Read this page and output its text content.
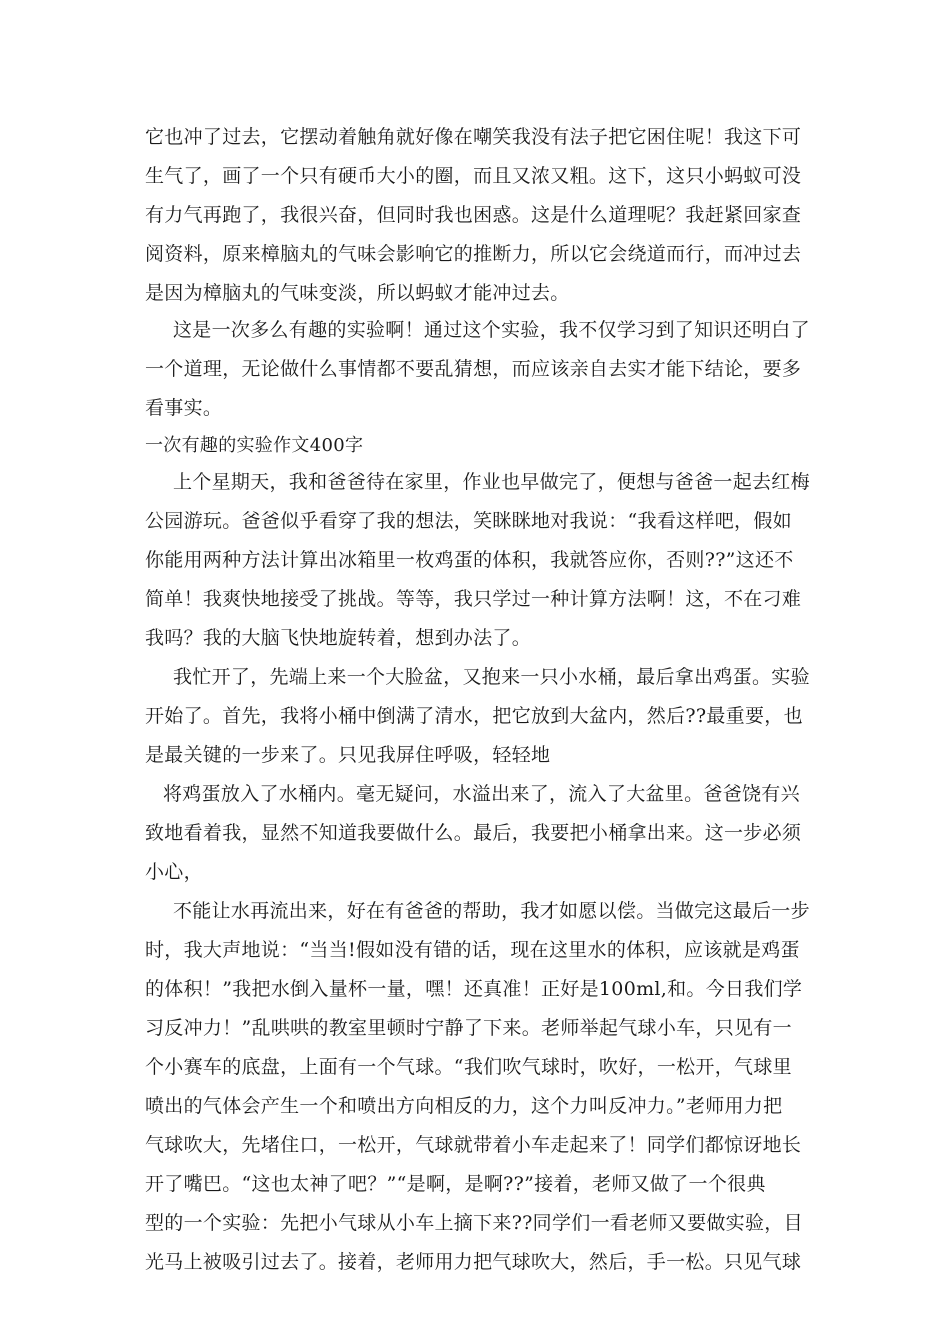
它也冲了过去，它摆动着触角就好像在嘲笑我没有法子把它困住呢！我这下可
生气了，画了一个只有硬币大小的圈，而且又浓又粗。这下，这只小蚂蚁可没
有力气再跑了，我很兴奋，但同时我也困惑。这是什么道理呢？我赶紧回家查
阅资料，原来樟脑丸的气味会影响它的推断力，所以它会绕道而行，而冲过去
是因为樟脑丸的气味变淡，所以蚂蚁才能冲过去。
这是一次多么有趣的实验啊！通过这个实验，我不仅学习到了知识还明白了
一个道理，无论做什么事情都不要乱猜想，而应该亲自去实才能下结论，要多
看事实。
一次有趣的实验作文400字
上个星期天，我和爸爸待在家里，作业也早做完了，便想与爸爸一起去红梅
公园游玩。爸爸似乎看穿了我的想法，笑眯眯地对我说：“我看这样吧，假如
你能用两种方法计算出冰箱里一枚鸡蛋的体积，我就答应你，否则??”这还不
简单！我爽快地接受了挑战。等等，我只学过一种计算方法啊！这，不在刁难
我吗？我的大脑飞快地旋转着，想到办法了。
我忙开了，先端上来一个大脸盆，又抱来一只小水桶，最后拿出鸡蛋。实验
开始了。首先，我将小桶中倒满了清水，把它放到大盆内，然后??最重要，也
是最关键的一步来了。只见我屏住呼吸，轻轻地
将鸡蛋放入了水桶内。毫无疑问，水溢出来了，流入了大盆里。爸爸饶有兴
致地看着我，显然不知道我要做什么。最后，我要把小桶拿出来。这一步必须
小心，
不能让水再流出来，好在有爸爸的帮助，我才如愿以偿。当做完这最后一步
时，我大声地说：“当当!假如没有错的话，现在这里水的体积，应该就是鸡蛋
的体积！”我把水倒入量杯一量，嘿！还真准！正好是100ml,和。今日我们学
习反冲力！”乱哄哄的教室里顿时宁静了下来。老师举起气球小车，只见有一
个小赛车的底盘，上面有一个气球。“我们吹气球时，吹好，一松开，气球里
喷出的气体会产生一个和喷出方向相反的力，这个力叫反冲力。”老师用力把
气球吹大，先堵住口，一松开，气球就带着小车走起来了！同学们都惊讶地长
开了嘴巴。“这也太神了吧？”“是啊，是啊??”接着，老师又做了一个很典
型的一个实验：先把小气球从小车上摘下来??同学们一看老师又要做实验，目
光马上被吸引过去了。接着，老师用力把气球吹大，然后，手一松。只见气球
